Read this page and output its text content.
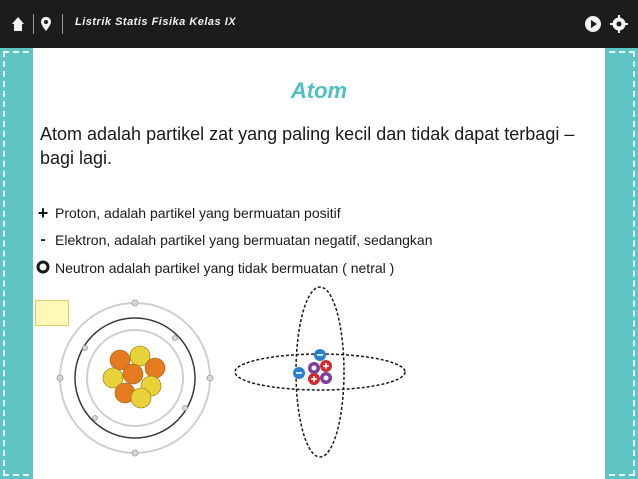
Listrik Statis Fisika Kelas IX
Atom
Atom adalah partikel zat yang paling kecil dan tidak dapat terbagi – bagi lagi.
+ Proton, adalah partikel yang bermuatan positif
- Elektron, adalah partikel yang bermuatan negatif, sedangkan
Neutron adalah partikel yang tidak bermuatan ( netral )
